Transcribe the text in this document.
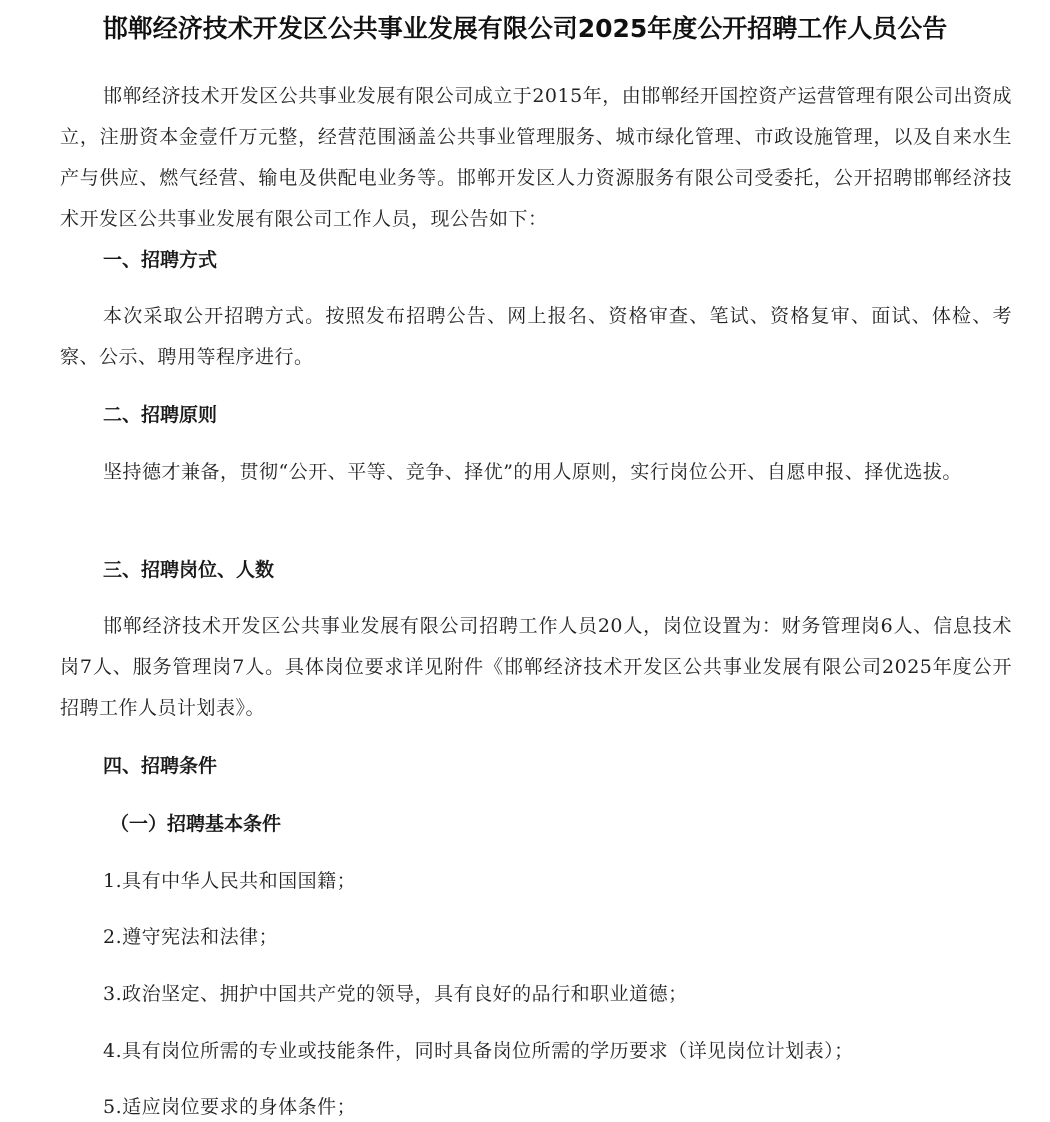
邯郸经济技术开发区公共事业发展有限公司2025年度公开招聘工作人员公告

邯郸经济技术开发区公共事业发展有限公司成立于2015年，由邯郸经开国控资产运营管理有限公司出资成立，注册资本金壹仟万元整，经营范围涵盖公共事业管理服务、城市绿化管理、市政设施管理，以及自来水生产与供应、燃气经营、输电及供配电业务等。邯郸开发区人力资源服务有限公司受委托，公开招聘邯郸经济技术开发区公共事业发展有限公司工作人员，现公告如下：

一、招聘方式

本次采取公开招聘方式。按照发布招聘公告、网上报名、资格审查、笔试、资格复审、面试、体检、考察、公示、聘用等程序进行。

二、招聘原则

坚持德才兼备，贯彻“公开、平等、竞争、择优”的用人原则，实行岗位公开、自愿申报、择优选拔。

三、招聘岗位、人数

邯郸经济技术开发区公共事业发展有限公司招聘工作人员20人，岗位设置为：财务管理岗6人、信息技术岗7人、服务管理岗7人。具体岗位要求详见附件《邯郸经济技术开发区公共事业发展有限公司2025年度公开招聘工作人员计划表》。

四、招聘条件

（一）招聘基本条件

1.具有中华人民共和国国籍；

2.遵守宪法和法律；

3.政治坚定、拥护中国共产党的领导，具有良好的品行和职业道德；

4.具有岗位所需的专业或技能条件，同时具备岗位所需的学历要求（详见岗位计划表）；

5.适应岗位要求的身体条件；
